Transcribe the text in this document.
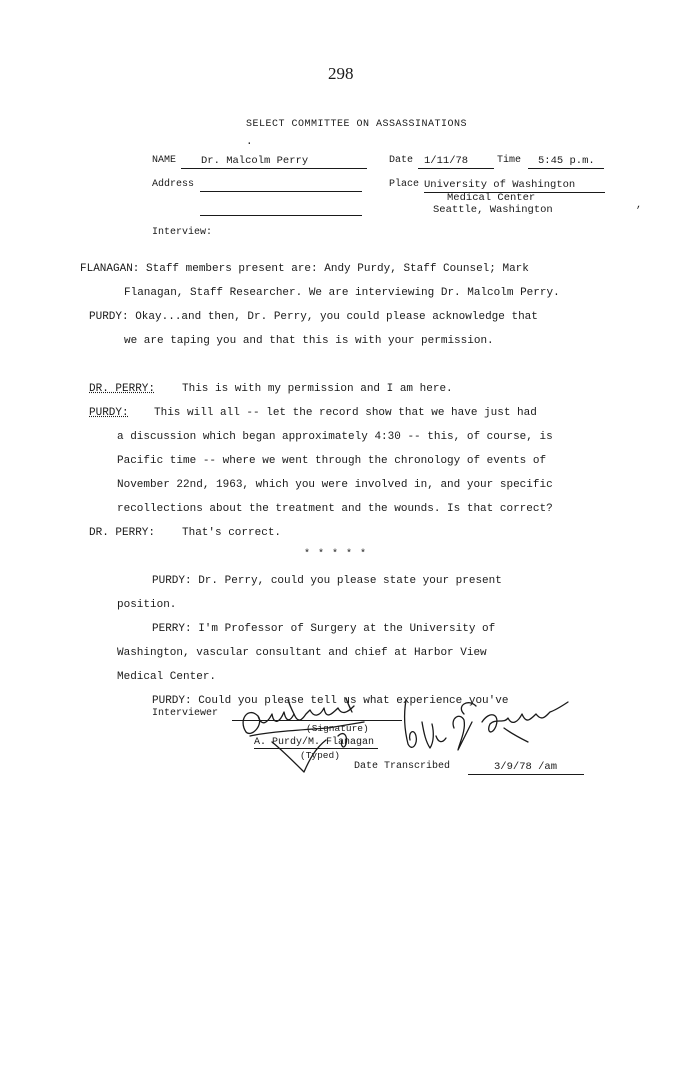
298
SELECT COMMITTEE ON ASSASSINATIONS
.
NAME	Dr. Malcolm Perry	Date	1/11/78	Time	5:45 p.m.
Address	Place University of Washington
Medical Center
Seattle, Washington	,
Interview:
FLANAGAN: Staff members present are: Andy Purdy, Staff Counsel; Mark
Flanagan, Staff Researcher. We are interviewing Dr. Malcolm Perry.
PURDY: Okay...and then, Dr. Perry, you could please acknowledge that
we are taping you and that this is with your permission.
DR. PERRY: This is with my permission and I am here.
PURDY: This will all -- let the record show that we have just had
a discussion which began approximately 4:30 -- this, of course, is
Pacific time -- where we went through the chronology of events of
November 22nd, 1963, which you were involved in, and your specific
recollections about the treatment and the wounds. Is that correct?
DR. PERRY: That's correct.
* * * * *
PURDY: Dr. Perry, could you please state your present
position.
PERRY: I'm Professor of Surgery at the University of
Washington, vascular consultant and chief at Harbor View
Medical Center.
PURDY: Could you please tell us what experience you've
Interviewer
(Signature)
A. Purdy/M. Flanagan
(Typed)
Date Transcribed	3/9/78 /am
